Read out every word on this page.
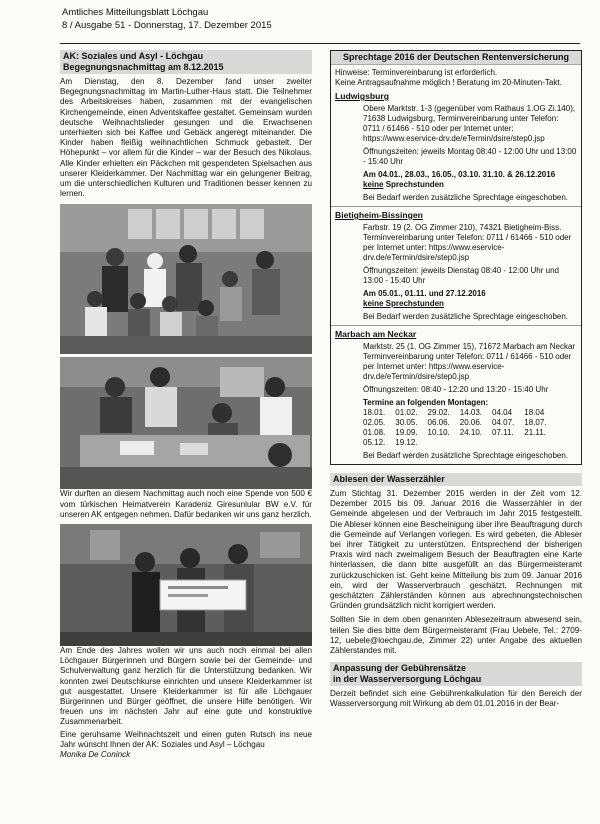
Amtliches Mitteilungsblatt Löchgau
8 / Ausgabe 51 - Donnerstag, 17. Dezember 2015
AK: Soziales und Asyl - Löchgau
Begegnungsnachmittag am 8.12.2015

Am Dienstag, den 8. Dezember fand unser zweiter Begegnungsnachmittag im Martin-Luther-Haus statt. Die Teilnehmer des Arbeitskreises haben, zusammen mit der evangelischen Kirchengemeinde, einen Adventskaffee gestaltet. Gemeinsam wurden deutsche Weihnachtslieder gesungen und die Erwachsenen unterhielten sich bei Kaffee und Gebäck angeregt miteinander. Die Kinder haben fleißig weihnachtlichen Schmuck gebastelt. Der Höhepunkt – vor allem für die Kinder – war der Besuch des Nikolaus. Alle Kinder erhielten ein Päckchen mit gespendeten Spielsachen aus unserer Kleiderkammer. Der Nachmittag war ein gelungener Beitrag, um die unterschiedlichen Kulturen und Traditionen besser kennen zu lernen.

Wir durften an diesem Nachmittag auch noch eine Spende von 500 € vom türkischen Heimatverein Karadeniz Giresunlular BW e.V. für unseren AK entgegen nehmen. Dafür bedanken wir uns ganz herzlich.

Am Ende des Jahres wollen wir uns auch noch einmal bei allen Löchgauer Bürgerinnen und Bürgern sowie bei der Gemeinde- und Schulverwaltung ganz herzlich für die Unterstützung bedanken. Wir konnten zwei Deutschkurse einrichten und unsere Kleiderkammer ist gut ausgestattet. Unsere Kleiderkammer ist für alle Löchgauer Bürgerinnen und Bürger geöffnet, die unsere Hilfe benötigen. Wir freuen uns im nächsten Jahr auf eine gute und konstruktive Zusammenarbeit.

Eine geruhsame Weihnachtszeit und einen guten Rutsch ins neue Jahr wünscht Ihnen der AK: Soziales und Asyl – Löchgau

Monika De Coninck
Sprechtage 2016 der Deutschen Rentenversicherung
Hinweise: Terminvereinbarung ist erforderlich.
Keine Antragsaufnahme möglich ! Beratung im 20-Minuten-Takt.
Ludwigsburg
Obere Marktstr. 1-3 (gegenüber vom Rathaus 1.OG Zi.140), 71638 Ludwigsburg, Terminvereinbarung unter Telefon: 0711 / 61466 - 510 oder per Internet unter: https://www.eservice-drv.de/eTermin/dsire/step0.jsp
Öffnungszeiten: jeweils Montag 08:40 - 12:00 Uhr und 13:00 - 15:40 Uhr
Am 04.01., 28.03., 16.05., 03.10. 31.10. & 26.12.2016 keine Sprechstunden
Bei Bedarf werden zusätzliche Sprechtage eingeschoben.
Bietigheim-Bissingen
Farbstr. 19 (2. OG Zimmer 210), 74321 Bietigheim-Biss. Terminvereinbarung unter Telefon: 0711 / 61466 - 510 oder per Internet unter: https://www.eservice-drv.de/eTermin/dsire/step0.jsp
Öffnungszeiten: jeweils Dienstag 08:40 - 12:00 Uhr und 13:00 - 15:40 Uhr
Am 05.01., 01.11. und 27.12.2016
keine Sprechstunden
Bei Bedarf werden zusätzliche Sprechtage eingeschoben.
Marbach am Neckar
Marktstr. 25 (1. OG Zimmer 15), 71672 Marbach am Neckar Terminvereinbarung unter Telefon: 0711 / 61466 - 510 oder per Internet unter: https://www.eservice-drv.de/eTermin/dsire/step0.jsp
Öffnungszeiten: 08:40 - 12:20 und 13:20 - 15:40 Uhr
Termine an folgenden Montagen:
18.01.	01.02.	29.02.	14.03.	04.04	18.04
02.05.	30.05.	06.06.	20.06.	04.07.	18.07.
01.08.	19.09.	10.10.	24.10.	07.11.	21.11.
05.12.	19.12.				
Bei Bedarf werden zusätzliche Sprechtage eingeschoben.
Ablesen der Wasserzähler

Zum Stichtag 31. Dezember 2015 werden in der Zeit vom 12. Dezember 2015 bis 09. Januar 2016 die Wasserzähler in der Gemeinde abgelesen und der Verbrauch im Jahr 2015 festgestellt. Die Ableser können eine Bescheinigung über ihre Beauftragung durch die Gemeinde auf Verlangen vorlegen. Es wird gebeten, die Ableser bei ihrer Tätigkeit zu unterstützen. Entsprechend der bisherigen Praxis wird nach zweimaligem Besuch der Beauftragten eine Karte hinterlassen, die dann bitte ausgefüllt an das Bürgermeisteramt zurückzuschicken ist. Geht keine Mitteilung bis zum 09. Januar 2016 ein, wird der Wasserverbrauch geschätzt. Rechnungen mit geschätzten Zählerständen können aus abrechnungstechnischen Gründen grundsätzlich nicht korrigiert werden.

Sollten Sie in dem oben genannten Ablesezeitraum abwesend sein, teilen Sie dies bitte dem Bürgermeisteramt (Frau Uebele, Tel.: 2709-12, uebele@loechgau.de, Zimmer 22) unter Angabe des aktuellen Zählerstandes mit.

Anpassung der Gebührensätze
in der Wasserversorgung Löchgau

Derzeit befindet sich eine Gebührenkalkulation für den Bereich der Wasserversorgung mit Wirkung ab dem 01.01.2016 in der Bear-
